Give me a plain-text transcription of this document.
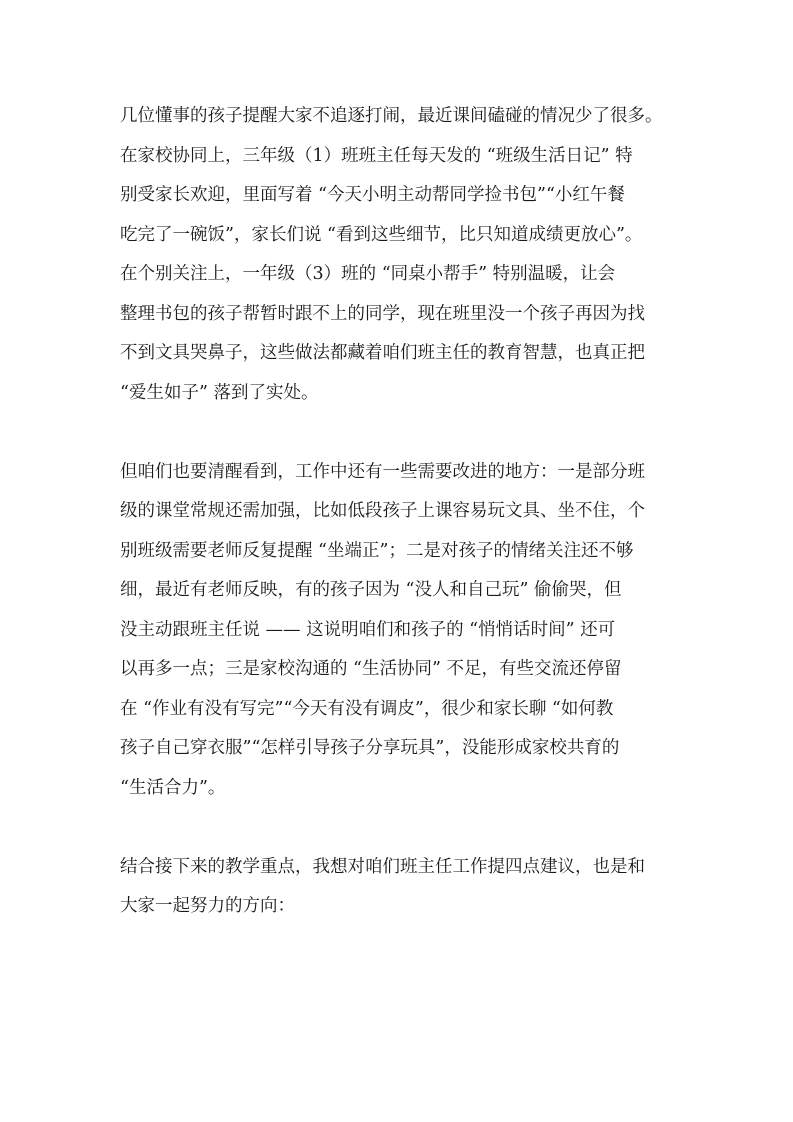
几位懂事的孩子提醒大家不追逐打闹，最近课间磕碰的情况少了很多。
在家校协同上，三年级（1）班班主任每天发的 “班级生活日记” 特
别受家长欢迎，里面写着 “今天小明主动帮同学捡书包”“小红午餐
吃完了一碗饭”，家长们说 “看到这些细节，比只知道成绩更放心”。
在个别关注上，一年级（3）班的 “同桌小帮手” 特别温暖，让会
整理书包的孩子帮暂时跟不上的同学，现在班里没一个孩子再因为找
不到文具哭鼻子，这些做法都藏着咱们班主任的教育智慧，也真正把
“爱生如子” 落到了实处。
但咱们也要清醒看到，工作中还有一些需要改进的地方：一是部分班
级的课堂常规还需加强，比如低段孩子上课容易玩文具、坐不住，个
别班级需要老师反复提醒 “坐端正”；二是对孩子的情绪关注还不够
细，最近有老师反映，有的孩子因为 “没人和自己玩” 偷偷哭，但
没主动跟班主任说 —— 这说明咱们和孩子的 “悄悄话时间” 还可
以再多一点；三是家校沟通的 “生活协同” 不足，有些交流还停留
在 “作业有没有写完”“今天有没有调皮”，很少和家长聊 “如何教
孩子自己穿衣服”“怎样引导孩子分享玩具”，没能形成家校共育的
“生活合力”。
结合接下来的教学重点，我想对咱们班主任工作提四点建议，也是和
大家一起努力的方向：
